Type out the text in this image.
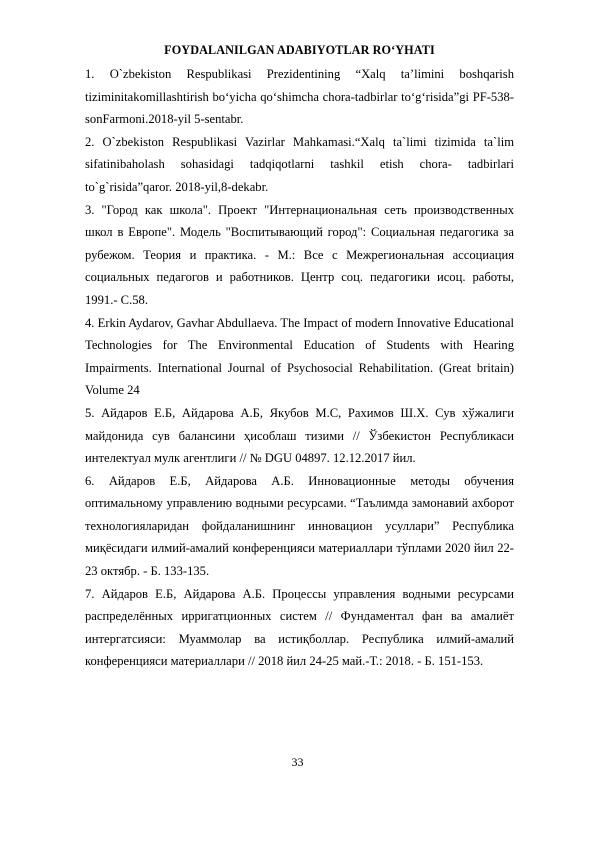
FOYDALANILGAN ADABIYOTLAR RO‘YHATI

1. O`zbekiston Respublikasi Prezidentining “Xalq ta’limini boshqarish tiziminitakomillashtirish bo‘yicha qo‘shimcha chora-tadbirlar to‘g‘risida”gi PF-538-sonFarmoni.2018-yil 5-sentabr.

2. O`zbekiston Respublikasi Vazirlar Mahkamasi.“Xalq ta`limi tizimida ta`lim sifatinibaholash sohasidagi tadqiqotlarni tashkil etish chora- tadbirlari to`g`risida”qaror. 2018-yil,8-dekabr.

3. "Город как школа". Проект "Интернациональная сеть производственных школ в Европе". Модель "Воспитывающий город": Социальная педагогика за рубежом. Теория и практика. - М.: Все с Межрегиональная ассоциация социальных педагогов и работников. Центр соц. педагогики исоц. работы, 1991.- С.58.

4. Erkin Aydarov, Gavhar Abdullaeva. The Impact of modern Innovative Educational Technologies for The Environmental Education of Students with Hearing Impairments. International Journal of Psychosocial Rehabilitation. (Great britain) Volume 24

5. Айдаров Е.Б, Айдарова А.Б, Якубов М.С, Рахимов Ш.Х. Сув хўжалиги майдонида сув балансини ҳисоблаш тизими // Ўзбекистон Республикаси интелектуал мулк агентлиги // № DGU 04897. 12.12.2017 йил.

6. Айдаров Е.Б, Айдарова А.Б. Инновационные методы обучения оптимальному управлению водными ресурсами. “Таълимда замонавий ахборот технологияларидан фойдаланишнинг инновацион усуллари” Республика миқёсидаги илмий-амалий конференцияси материаллари тўплами 2020 йил 22-23 октябр. - Б. 133-135.

7. Айдаров Е.Б, Айдарова А.Б. Процессы управления водными ресурсами распределённых ирригатционных систем // Фундаментал фан ва амалиёт интергатсияси: Муаммолар ва истиқболлар. Республика илмий-амалий конференцияси материаллари // 2018 йил 24-25 май.-Т.: 2018. - Б. 151-153.

33
